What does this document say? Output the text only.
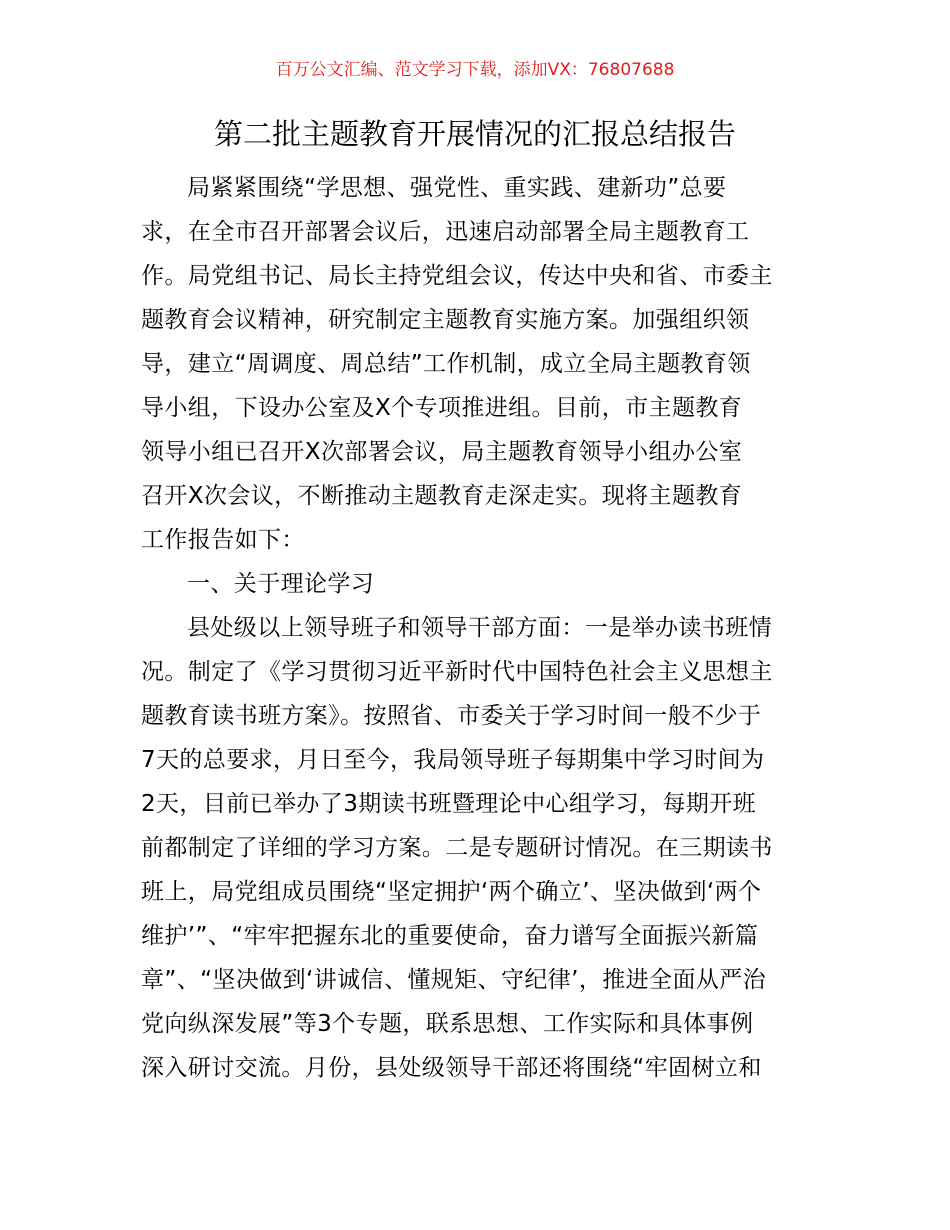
百万公文汇编、范文学习下载，添加VX：76807688
第二批主题教育开展情况的汇报总结报告
局紧紧围绕“学思想、强党性、重实践、建新功”总要
求，在全市召开部署会议后，迅速启动部署全局主题教育工
作。局党组书记、局长主持党组会议，传达中央和省、市委主
题教育会议精神，研究制定主题教育实施方案。加强组织领
导，建立“周调度、周总结”工作机制，成立全局主题教育领
导小组，下设办公室及X个专项推进组。目前，市主题教育
领导小组已召开X次部署会议，局主题教育领导小组办公室
召开X次会议，不断推动主题教育走深走实。现将主题教育
工作报告如下：
一、关于理论学习
县处级以上领导班子和领导干部方面：一是举办读书班情
况。制定了《学习贯彻习近平新时代中国特色社会主义思想主
题教育读书班方案》。按照省、市委关于学习时间一般不少于
7天的总要求，月日至今，我局领导班子每期集中学习时间为
2天，目前已举办了3期读书班暨理论中心组学习，每期开班
前都制定了详细的学习方案。二是专题研讨情况。在三期读书
班上，局党组成员围绕“坚定拥护‘两个确立’、坚决做到‘两个
维护’”、“牢牢把握东北的重要使命，奋力谱写全面振兴新篇
章”、“坚决做到‘讲诚信、懂规矩、守纪律’，推进全面从严治
党向纵深发展”等3个专题，联系思想、工作实际和具体事例
深入研讨交流。月份，县处级领导干部还将围绕“牢固树立和
